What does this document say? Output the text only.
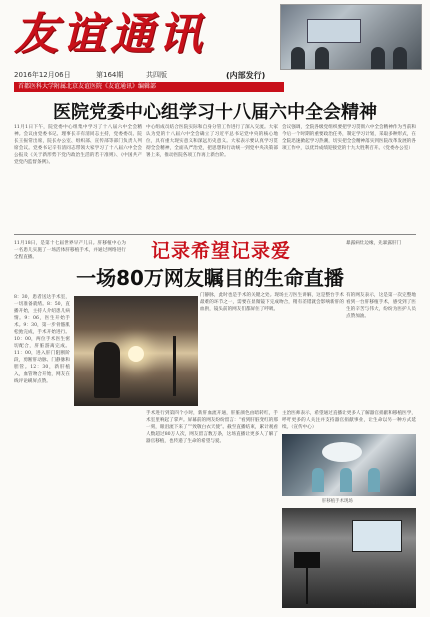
友谊通讯
2016年12月06日	第164期	共四版	(内部发行)
首都医科大学附属北京友谊医院《友谊通讯》编辑部
医院党委中心组学习十八届六中全会精神
11月1日下午，院党委中心组集中学习了十八届六中全会精神。会议由党委书记、理事长辛有清同志主持，党委委员、院长王振常出席，院长办公室、组织部、宣传部等部门负责人列席会议。党委书记辛有清同志带领大家学习了十八届六中全会公报及《关于新形势下党内政治生活的若干准则》、《中国共产党党内监督条例》。
中心组成员结合医院实际和自身分管工作进行了深入交流。大家认为党的十八届六中全会确立了习近平总书记党中央的核心地位，具有重大现实意义和深远历史意义。大家表示要认真学习贯彻全会精神，全面从严治党，把思想和行动统一到党中央决策部署上来，推动医院各项工作再上新台阶。
会议强调，全院各级党组织要把学习贯彻六中全会精神作为当前和今后一个时期的重要政治任务，制定学习计划，采取多种形式，在全院迅速掀起学习热潮，切实把全会精神落实到医院改革发展的各项工作中，以优异成绩迎接党的十九大胜利召开。（党委办公室）
11月18日，是第十七届世界早产儿日。肝移植中心为一名患儿实施了一场活体肝移植手术，并通过网络进行全程直播。
暴露病灶边缘，先暴露肝门
记录希望记录爱
一场80万网友瞩目的生命直播
8：30，患者送达手术室，一切准备就绪。8：50，直播开始，主持人介绍患儿病情。9：06，医生开始手术。9：30，第一步骨骼肌松弛完成，手术开始进行。10：00，两位手术医生密切配合，肝脏游离完成。11：00，进入肝门阻断阶段，剪断肝动脉、门静脉和胆管。12：30，新肝植入，血管吻合开始，网友在线评论刷屏点赞。
门静脉，此时也是手术的关键之处。现场主刀医生讲解，这是整台手术最难的环节之一，需要在显微镜下完成吻合，稍有差错就会影响新肝的血供，镜头前的网友们都屏住了呼吸。
有的网友表示，这是第一次完整地看到一台肝移植手术，感受到了医生的辛苦与伟大，纷纷为医护人员点赞加油。
手术进行到第四个小时，新肝血流开通，肝脏颜色由暗转红，手术室里响起了掌声。屏幕前的网友纷纷留言：“看到肝脏变红的那一刻，眼泪流下来了”“致敬白衣天使”。截至直播结束，累计观看人数超过80万人次，网友留言数万条，这场直播让更多人了解了器官移植，也传递了生命的希望与爱。
主治医师表示，希望通过直播让更多人了解器官捐献和移植医学，呼吁更多的人关注并支持器官捐献事业，让生命以另一种方式延续。（宣传中心）
肝移植手术现场
责任编辑 肖俊 杨波 摄影
